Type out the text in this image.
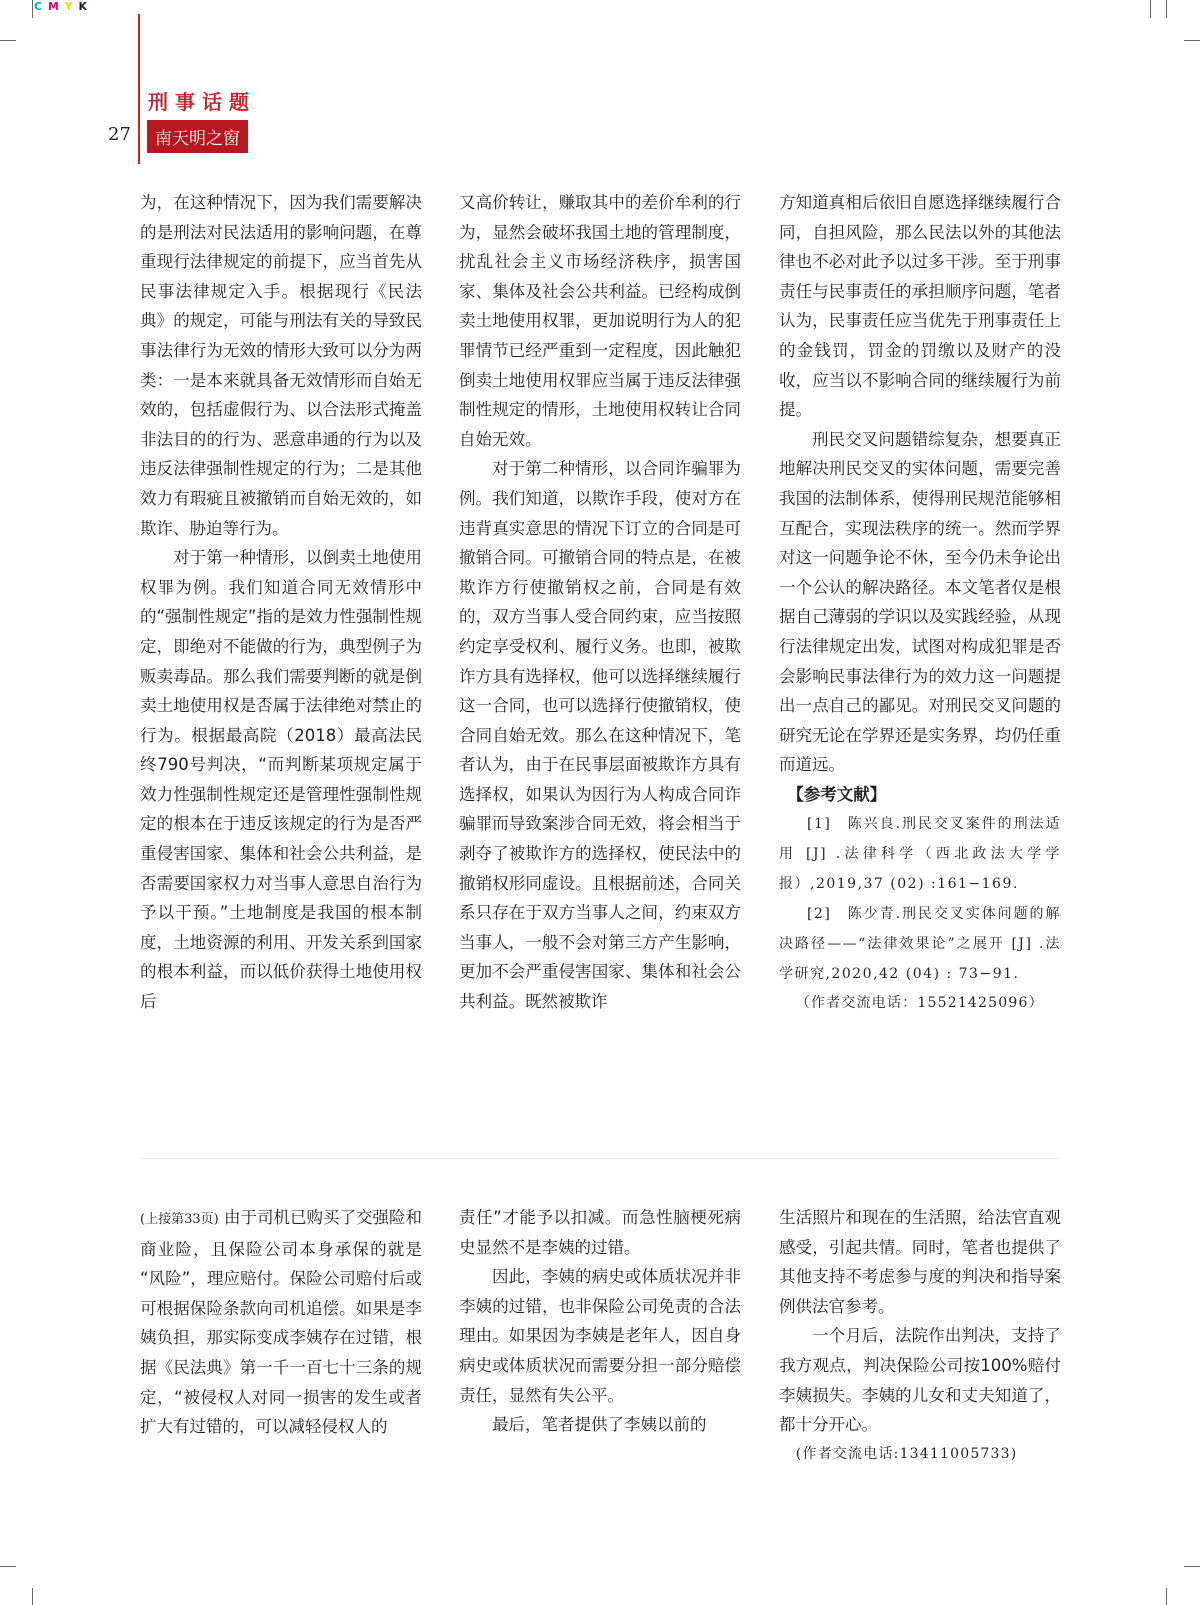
C M Y K
刑事话题
27	南天明之窗

为，在这种情况下，因为我们需要解决的是刑法对民法适用的影响问题，在尊重现行法律规定的前提下，应当首先从民事法律规定入手。根据现行《民法典》的规定，可能与刑法有关的导致民事法律行为无效的情形大致可以分为两类：一是本来就具备无效情形而自始无效的，包括虚假行为、以合法形式掩盖非法目的的行为、恶意串通的行为以及违反法律强制性规定的行为；二是其他效力有瑕疵且被撤销而自始无效的，如欺诈、胁迫等行为。

对于第一种情形，以倒卖土地使用权罪为例。我们知道合同无效情形中的“强制性规定”指的是效力性强制性规定，即绝对不能做的行为，典型例子为贩卖毒品。那么我们需要判断的就是倒卖土地使用权是否属于法律绝对禁止的行为。根据最高院（2018）最高法民终790号判决，“而判断某项规定属于效力性强制性规定还是管理性强制性规定的根本在于违反该规定的行为是否严重侵害国家、集体和社会公共利益，是否需要国家权力对当事人意思自治行为予以干预。”土地制度是我国的根本制度，土地资源的利用、开发关系到国家的根本利益，而以低价获得土地使用权后

又高价转让，赚取其中的差价牟利的行为，显然会破坏我国土地的管理制度，扰乱社会主义市场经济秩序，损害国家、集体及社会公共利益。已经构成倒卖土地使用权罪，更加说明行为人的犯罪情节已经严重到一定程度，因此触犯倒卖土地使用权罪应当属于违反法律强制性规定的情形，土地使用权转让合同自始无效。

对于第二种情形，以合同诈骗罪为例。我们知道，以欺诈手段，使对方在违背真实意思的情况下订立的合同是可撤销合同。可撤销合同的特点是，在被欺诈方行使撤销权之前，合同是有效的，双方当事人受合同约束，应当按照约定享受权利、履行义务。也即，被欺诈方具有选择权，他可以选择继续履行这一合同，也可以选择行使撤销权，使合同自始无效。那么在这种情况下，笔者认为，由于在民事层面被欺诈方具有选择权，如果认为因行为人构成合同诈骗罪而导致案涉合同无效，将会相当于剥夺了被欺诈方的选择权，使民法中的撤销权形同虚设。且根据前述，合同关系只存在于双方当事人之间，约束双方当事人，一般不会对第三方产生影响，更加不会严重侵害国家、集体和社会公共利益。既然被欺诈

方知道真相后依旧自愿选择继续履行合同，自担风险，那么民法以外的其他法律也不必对此予以过多干涉。至于刑事责任与民事责任的承担顺序问题，笔者认为，民事责任应当优先于刑事责任上的金钱罚，罚金的罚缴以及财产的没收，应当以不影响合同的继续履行为前提。

刑民交叉问题错综复杂，想要真正地解决刑民交叉的实体问题，需要完善我国的法制体系，使得刑民规范能够相互配合，实现法秩序的统一。然而学界对这一问题争论不休，至今仍未争论出一个公认的解决路径。本文笔者仅是根据自己薄弱的学识以及实践经验，从现行法律规定出发，试图对构成犯罪是否会影响民事法律行为的效力这一问题提出一点自己的鄙见。对刑民交叉问题的研究无论在学界还是实务界，均仍任重而道远。

【参考文献】

[1]　陈兴良.刑民交叉案件的刑法适用 [J] .法律科学（西北政法大学学报）,2019,37 (02) :161−169.

[2]　陈少青.刑民交叉实体问题的解决路径——“法律效果论”之展开 [J] .法学研究,2020,42 (04) : 73−91.

（作者交流电话：15521425096）

(上接第33页) 由于司机已购买了交强险和商业险，且保险公司本身承保的就是 “风险”，理应赔付。保险公司赔付后或可根据保险条款向司机追偿。如果是李姨负担，那实际变成李姨存在过错，根据《民法典》第一千一百七十三条的规定，“被侵权人对同一损害的发生或者扩大有过错的，可以减轻侵权人的

责任”才能予以扣减。而急性脑梗死病史显然不是李姨的过错。

因此，李姨的病史或体质状况并非李姨的过错，也非保险公司免责的合法理由。如果因为李姨是老年人，因自身病史或体质状况而需要分担一部分赔偿责任，显然有失公平。

最后，笔者提供了李姨以前的

生活照片和现在的生活照，给法官直观感受，引起共情。同时，笔者也提供了其他支持不考虑参与度的判决和指导案例供法官参考。

一个月后，法院作出判决，支持了我方观点，判决保险公司按100%赔付李姨损失。李姨的儿女和丈夫知道了，都十分开心。

(作者交流电话:13411005733)
